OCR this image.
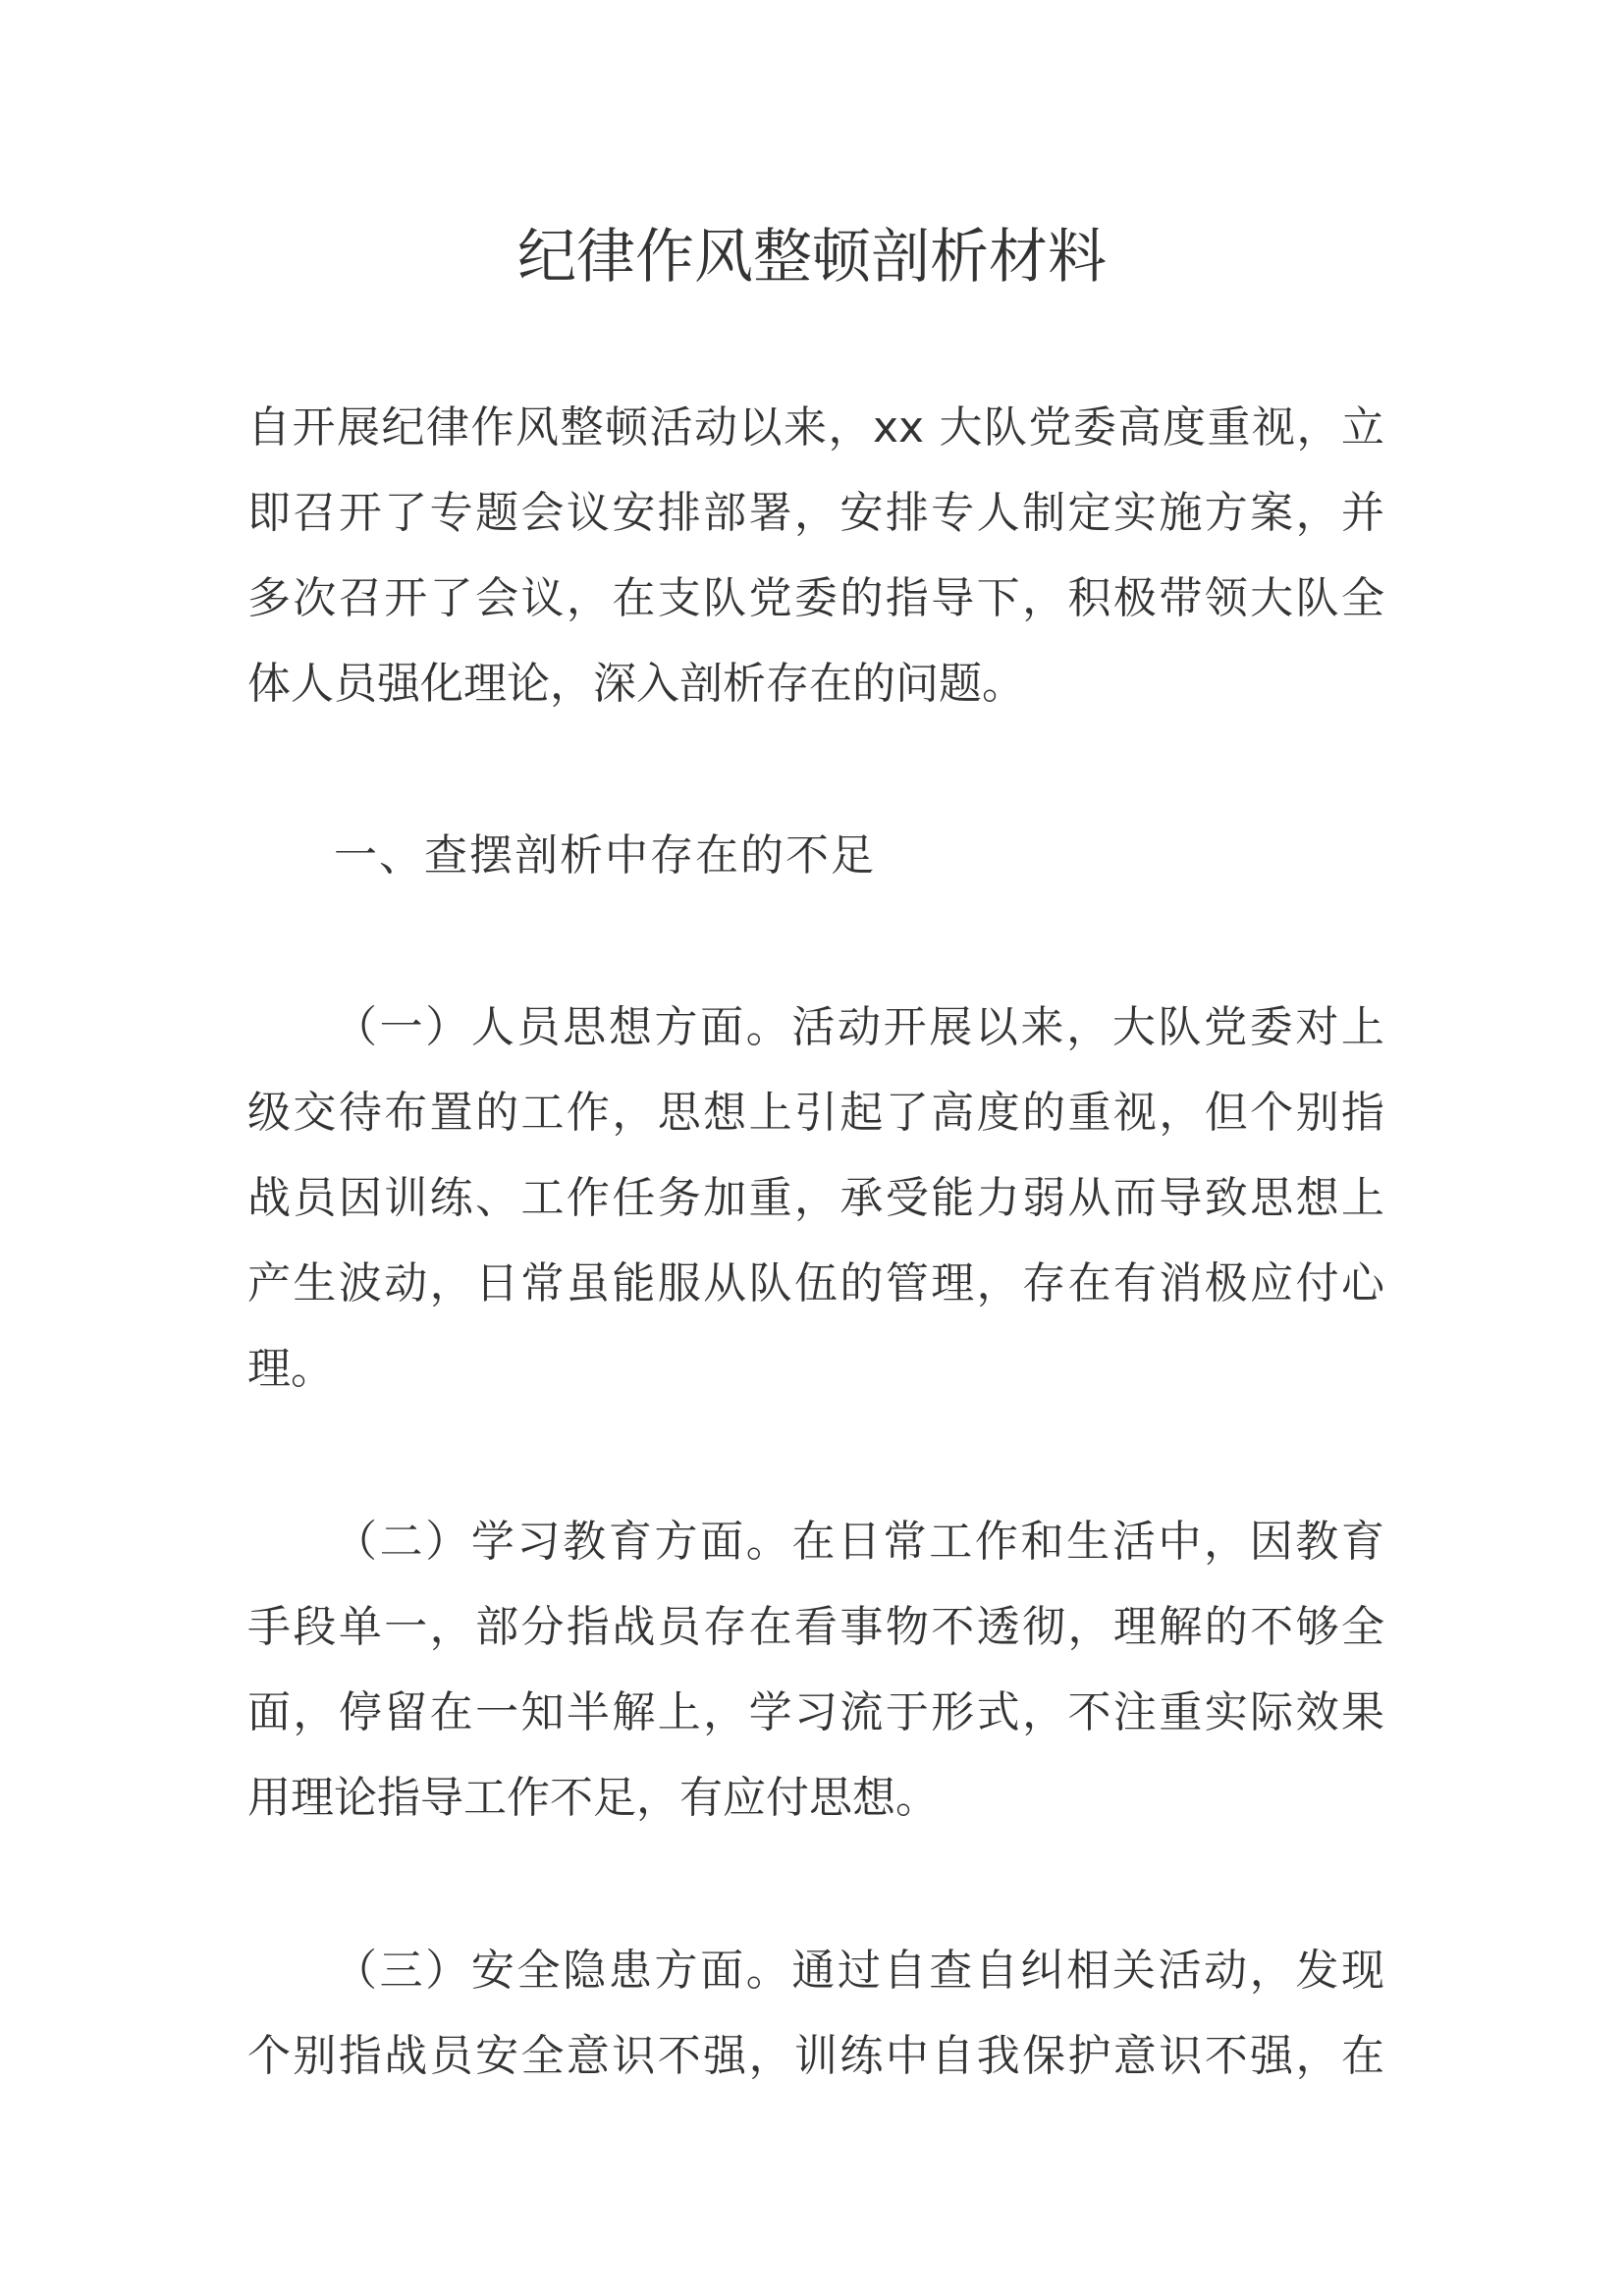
纪律作风整顿剖析材料
自开展纪律作风整顿活动以来，xx 大队党委高度重视，立
即召开了专题会议安排部署，安排专人制定实施方案，并
多次召开了会议，在支队党委的指导下，积极带领大队全
体人员强化理论，深入剖析存在的问题。
一、查摆剖析中存在的不足
（一）人员思想方面。活动开展以来，大队党委对上
级交待布置的工作，思想上引起了高度的重视，但个别指
战员因训练、工作任务加重，承受能力弱从而导致思想上
产生波动，日常虽能服从队伍的管理，存在有消极应付心
理。
（二）学习教育方面。在日常工作和生活中，因教育
手段单一，部分指战员存在看事物不透彻，理解的不够全
面，停留在一知半解上，学习流于形式，不注重实际效果
用理论指导工作不足，有应付思想。
（三）安全隐患方面。通过自查自纠相关活动，发现
个别指战员安全意识不强，训练中自我保护意识不强，在
